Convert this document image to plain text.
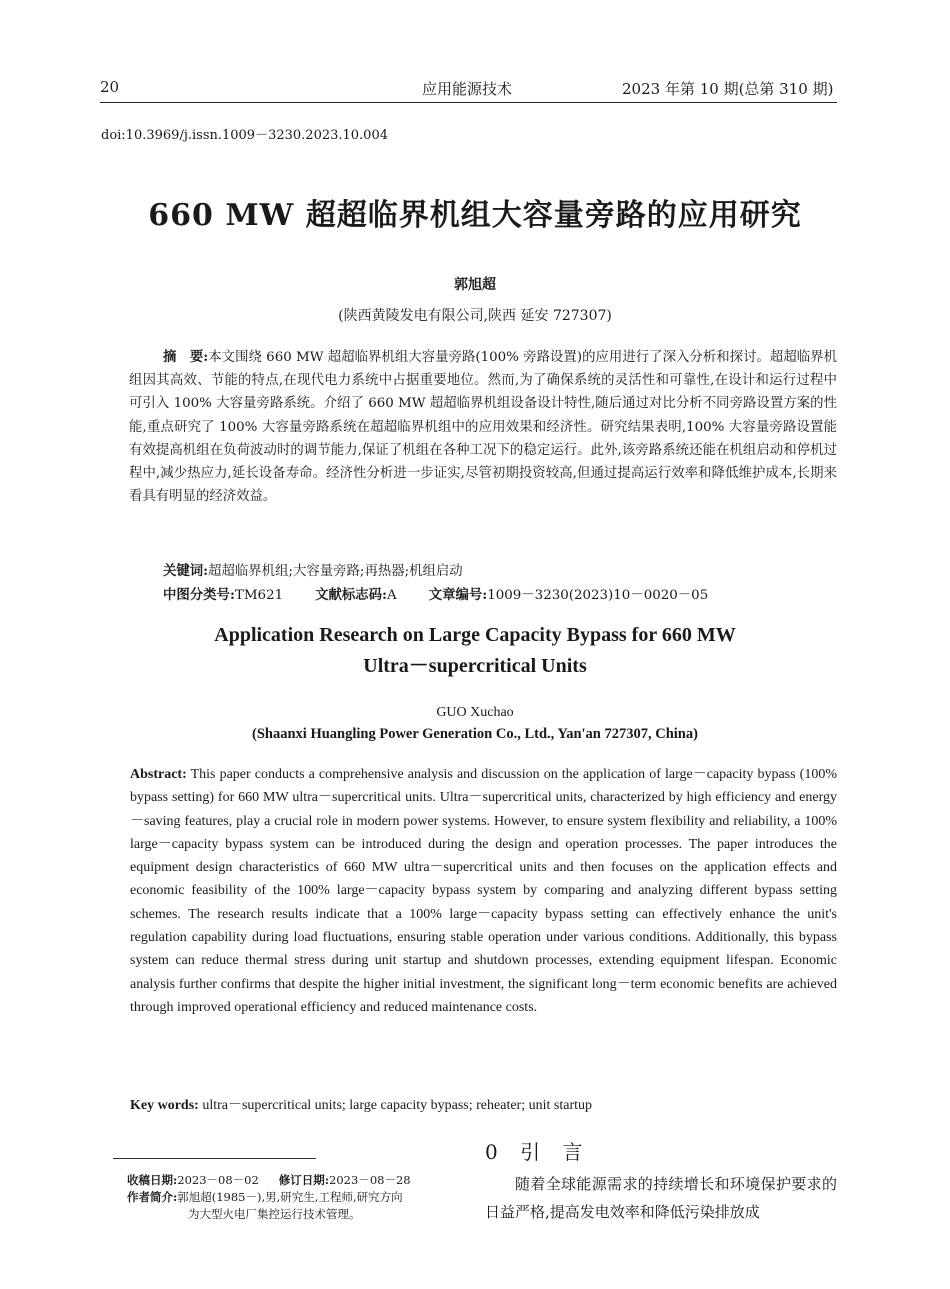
20	应用能源技术	2023 年第 10 期(总第 310 期)
doi:10.3969/j.issn.1009－3230.2023.10.004
660 MW 超超临界机组大容量旁路的应用研究
郭旭超
(陕西黄陵发电有限公司,陕西 延安 727307)

摘　要:本文围绕 660 MW 超超临界机组大容量旁路(100% 旁路设置)的应用进行了深入分析和探讨。超超临界机组因其高效、节能的特点,在现代电力系统中占据重要地位。然而,为了确保系统的灵活性和可靠性,在设计和运行过程中可引入 100% 大容量旁路系统。介绍了 660 MW 超超临界机组设备设计特性,随后通过对比分析不同旁路设置方案的性能,重点研究了 100% 大容量旁路系统在超超临界机组中的应用效果和经济性。研究结果表明,100% 大容量旁路设置能有效提高机组在负荷波动时的调节能力,保证了机组在各种工况下的稳定运行。此外,该旁路系统还能在机组启动和停机过程中,减少热应力,延长设备寿命。经济性分析进一步证实,尽管初期投资较高,但通过提高运行效率和降低维护成本,长期来看具有明显的经济效益。

关键词:超超临界机组;大容量旁路;再热器;机组启动
中图分类号:TM621 文献标志码:A 文章编号:1009－3230(2023)10－0020－05
Application Research on Large Capacity Bypass for 660 MW
Ultra－supercritical Units
GUO Xuchao
(Shaanxi Huangling Power Generation Co., Ltd., Yan'an 727307, China)

Abstract: This paper conducts a comprehensive analysis and discussion on the application of large－capacity bypass (100% bypass setting) for 660 MW ultra－supercritical units. Ultra－supercritical units, characterized by high efficiency and energy－saving features, play a crucial role in modern power systems. However, to ensure system flexibility and reliability, a 100% large－capacity bypass system can be introduced during the design and operation processes. The paper introduces the equipment design characteristics of 660 MW ultra－supercritical units and then focuses on the application effects and economic feasibility of the 100% large－capacity bypass system by comparing and analyzing different bypass setting schemes. The research results indicate that a 100% large－capacity bypass setting can effectively enhance the unit's regulation capability during load fluctuations, ensuring stable operation under various conditions. Additionally, this bypass system can reduce thermal stress during unit startup and shutdown processes, extending equipment lifespan. Economic analysis further confirms that despite the higher initial investment, the significant long－term economic benefits are achieved through improved operational efficiency and reduced maintenance costs.

Key words: ultra－supercritical units; large capacity bypass; reheater; unit startup
收稿日期:2023－08－02 修订日期:2023－08－28
作者简介:郭旭超(1985－),男,研究生,工程师,研究方向
为大型火电厂集控运行技术管理。
0 引 言

随着全球能源需求的持续增长和环境保护要求的日益严格,提高发电效率和降低污染排放成
